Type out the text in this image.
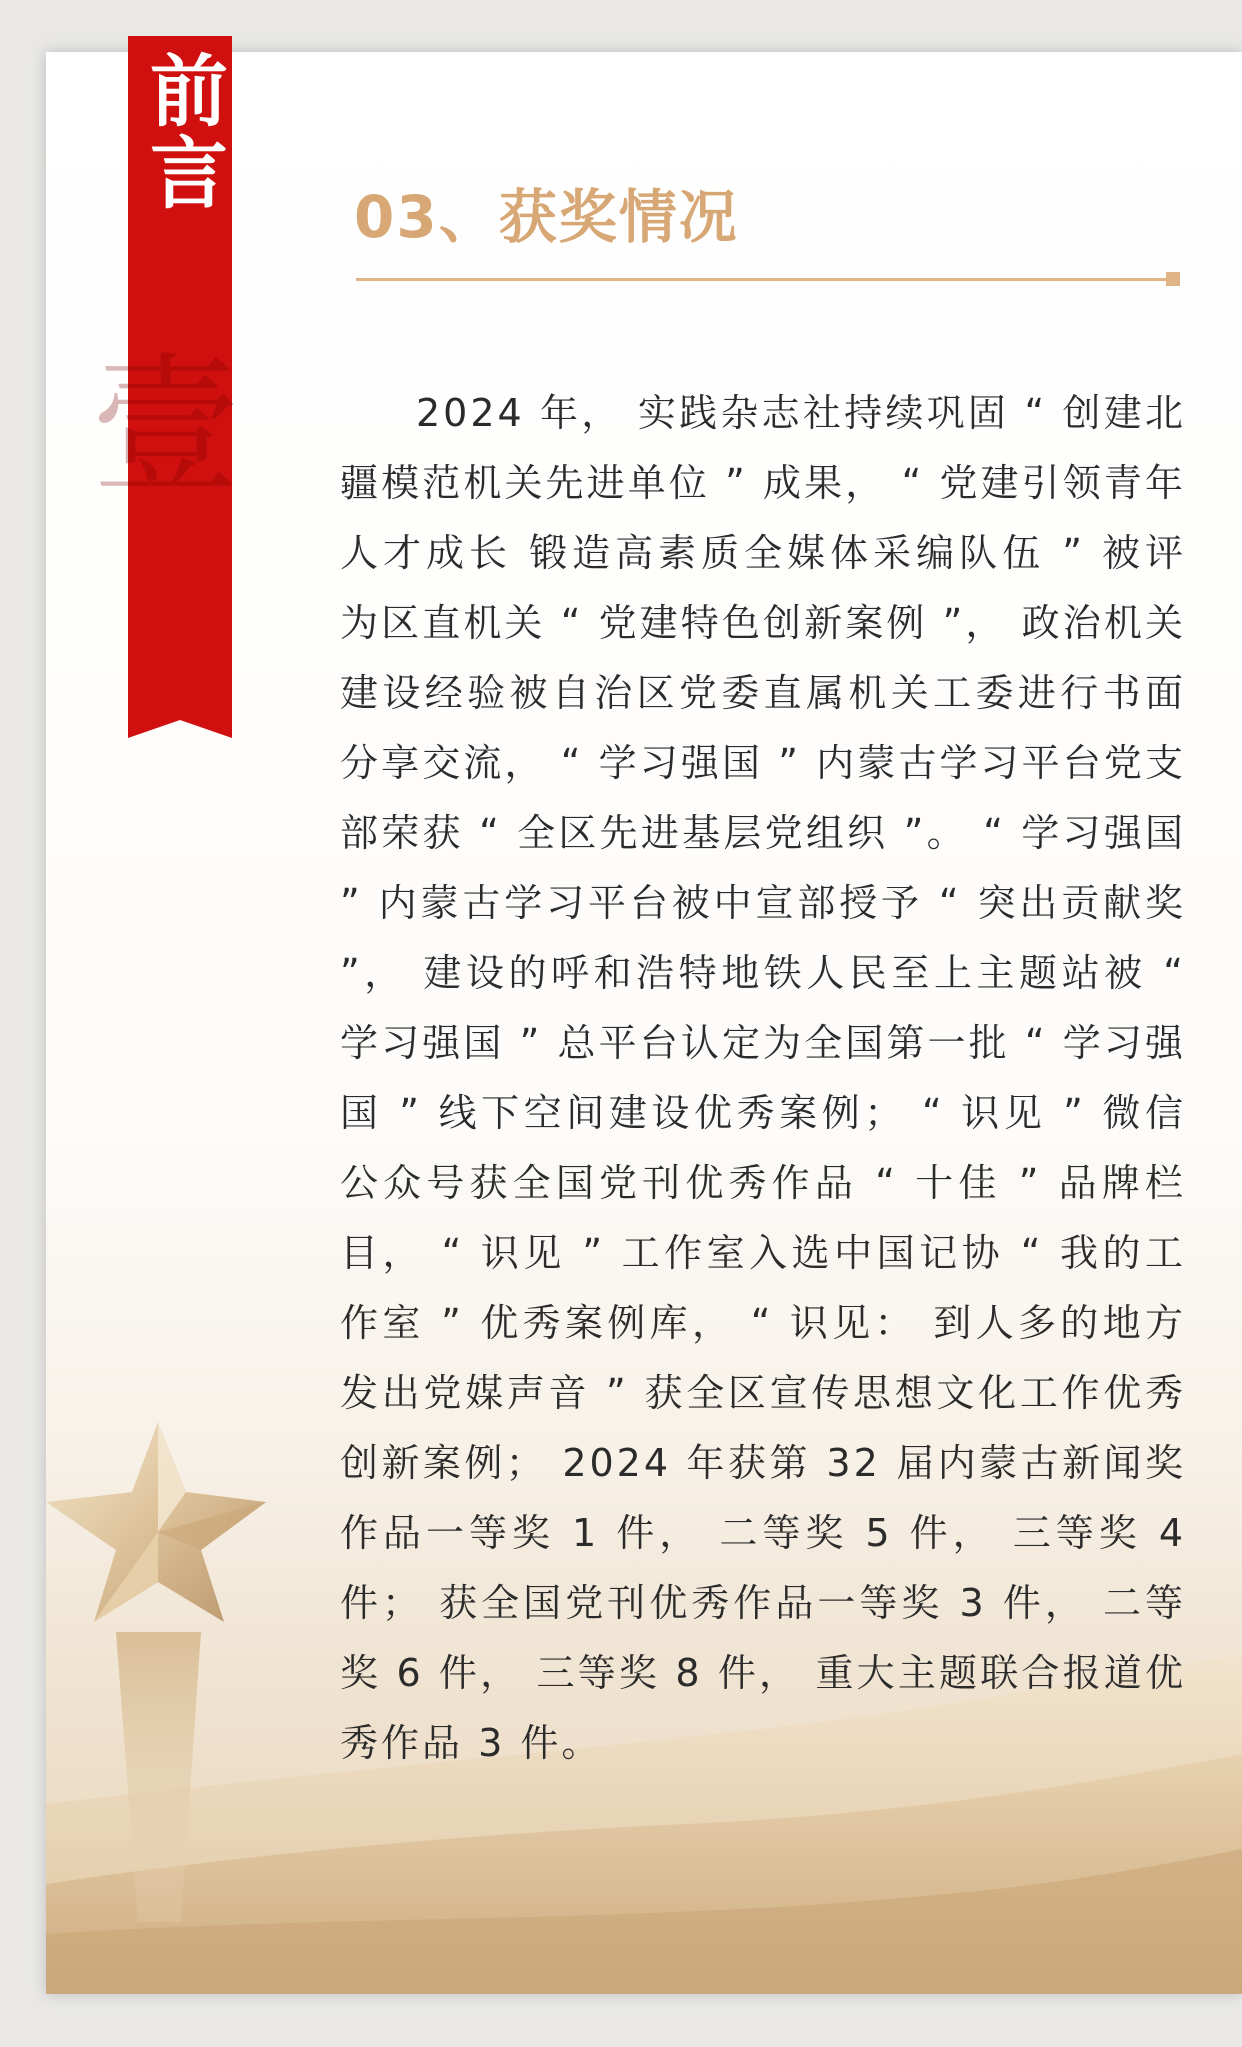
03、获奖情况

2024 年， 实践杂志社持续巩固 “ 创建北疆模范机关先进单位 ” 成果， “ 党建引领青年人才成长 锻造高素质全媒体采编队伍 ” 被评为区直机关 “ 党建特色创新案例 ”， 政治机关建设经验被自治区党委直属机关工委进行书面分享交流， “ 学习强国 ” 内蒙古学习平台党支部荣获 “ 全区先进基层党组织 ”。 “ 学习强国 ” 内蒙古学习平台被中宣部授予 “ 突出贡献奖 ”， 建设的呼和浩特地铁人民至上主题站被 “ 学习强国 ” 总平台认定为全国第一批 “ 学习强国 ” 线下空间建设优秀案例； “ 识见 ” 微信公众号获全国党刊优秀作品 “ 十佳 ” 品牌栏目， “ 识见 ” 工作室入选中国记协 “ 我的工作室 ” 优秀案例库， “ 识见： 到人多的地方发出党媒声音 ” 获全区宣传思想文化工作优秀创新案例； 2024 年获第 32 届内蒙古新闻奖作品一等奖 1 件， 二等奖 5 件， 三等奖 4 件； 获全国党刊优秀作品一等奖 3 件， 二等奖 6 件， 三等奖 8 件， 重大主题联合报道优秀作品 3 件。

壹
前言
